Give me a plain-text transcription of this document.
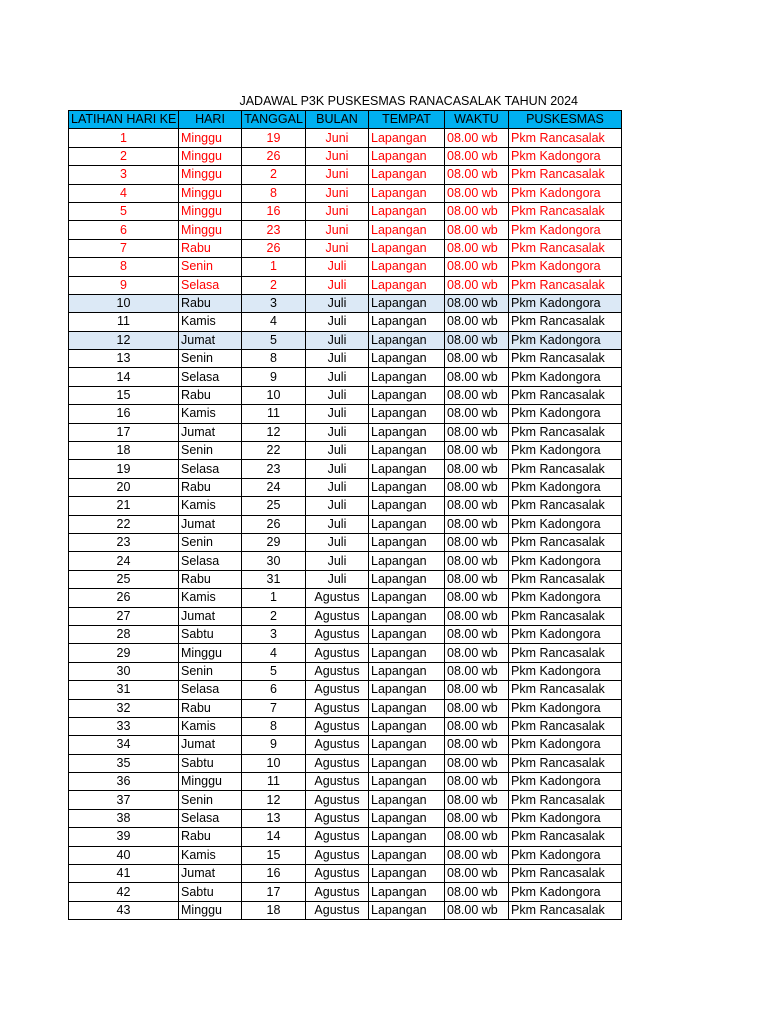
JADAWAL P3K PUSKESMAS RANACASALAK TAHUN 2024
LATIHAN HARI KE	HARI	TANGGAL	BULAN	TEMPAT	WAKTU	PUSKESMAS
1	Minggu	19	Juni	Lapangan	08.00 wb	Pkm Rancasalak
2	Minggu	26	Juni	Lapangan	08.00 wb	Pkm Kadongora
3	Minggu	2	Juni	Lapangan	08.00 wb	Pkm Rancasalak
4	Minggu	8	Juni	Lapangan	08.00 wb	Pkm Kadongora
5	Minggu	16	Juni	Lapangan	08.00 wb	Pkm Rancasalak
6	Minggu	23	Juni	Lapangan	08.00 wb	Pkm Kadongora
7	Rabu	26	Juni	Lapangan	08.00 wb	Pkm Rancasalak
8	Senin	1	Juli	Lapangan	08.00 wb	Pkm Kadongora
9	Selasa	2	Juli	Lapangan	08.00 wb	Pkm Rancasalak
10	Rabu	3	Juli	Lapangan	08.00 wb	Pkm Kadongora
11	Kamis	4	Juli	Lapangan	08.00 wb	Pkm Rancasalak
12	Jumat	5	Juli	Lapangan	08.00 wb	Pkm Kadongora
13	Senin	8	Juli	Lapangan	08.00 wb	Pkm Rancasalak
14	Selasa	9	Juli	Lapangan	08.00 wb	Pkm Kadongora
15	Rabu	10	Juli	Lapangan	08.00 wb	Pkm Rancasalak
16	Kamis	11	Juli	Lapangan	08.00 wb	Pkm Kadongora
17	Jumat	12	Juli	Lapangan	08.00 wb	Pkm Rancasalak
18	Senin	22	Juli	Lapangan	08.00 wb	Pkm Kadongora
19	Selasa	23	Juli	Lapangan	08.00 wb	Pkm Rancasalak
20	Rabu	24	Juli	Lapangan	08.00 wb	Pkm Kadongora
21	Kamis	25	Juli	Lapangan	08.00 wb	Pkm Rancasalak
22	Jumat	26	Juli	Lapangan	08.00 wb	Pkm Kadongora
23	Senin	29	Juli	Lapangan	08.00 wb	Pkm Rancasalak
24	Selasa	30	Juli	Lapangan	08.00 wb	Pkm Kadongora
25	Rabu	31	Juli	Lapangan	08.00 wb	Pkm Rancasalak
26	Kamis	1	Agustus	Lapangan	08.00 wb	Pkm Kadongora
27	Jumat	2	Agustus	Lapangan	08.00 wb	Pkm Rancasalak
28	Sabtu	3	Agustus	Lapangan	08.00 wb	Pkm Kadongora
29	Minggu	4	Agustus	Lapangan	08.00 wb	Pkm Rancasalak
30	Senin	5	Agustus	Lapangan	08.00 wb	Pkm Kadongora
31	Selasa	6	Agustus	Lapangan	08.00 wb	Pkm Rancasalak
32	Rabu	7	Agustus	Lapangan	08.00 wb	Pkm Kadongora
33	Kamis	8	Agustus	Lapangan	08.00 wb	Pkm Rancasalak
34	Jumat	9	Agustus	Lapangan	08.00 wb	Pkm Kadongora
35	Sabtu	10	Agustus	Lapangan	08.00 wb	Pkm Rancasalak
36	Minggu	11	Agustus	Lapangan	08.00 wb	Pkm Kadongora
37	Senin	12	Agustus	Lapangan	08.00 wb	Pkm Rancasalak
38	Selasa	13	Agustus	Lapangan	08.00 wb	Pkm Kadongora
39	Rabu	14	Agustus	Lapangan	08.00 wb	Pkm Rancasalak
40	Kamis	15	Agustus	Lapangan	08.00 wb	Pkm Kadongora
41	Jumat	16	Agustus	Lapangan	08.00 wb	Pkm Rancasalak
42	Sabtu	17	Agustus	Lapangan	08.00 wb	Pkm Kadongora
43	Minggu	18	Agustus	Lapangan	08.00 wb	Pkm Rancasalak
